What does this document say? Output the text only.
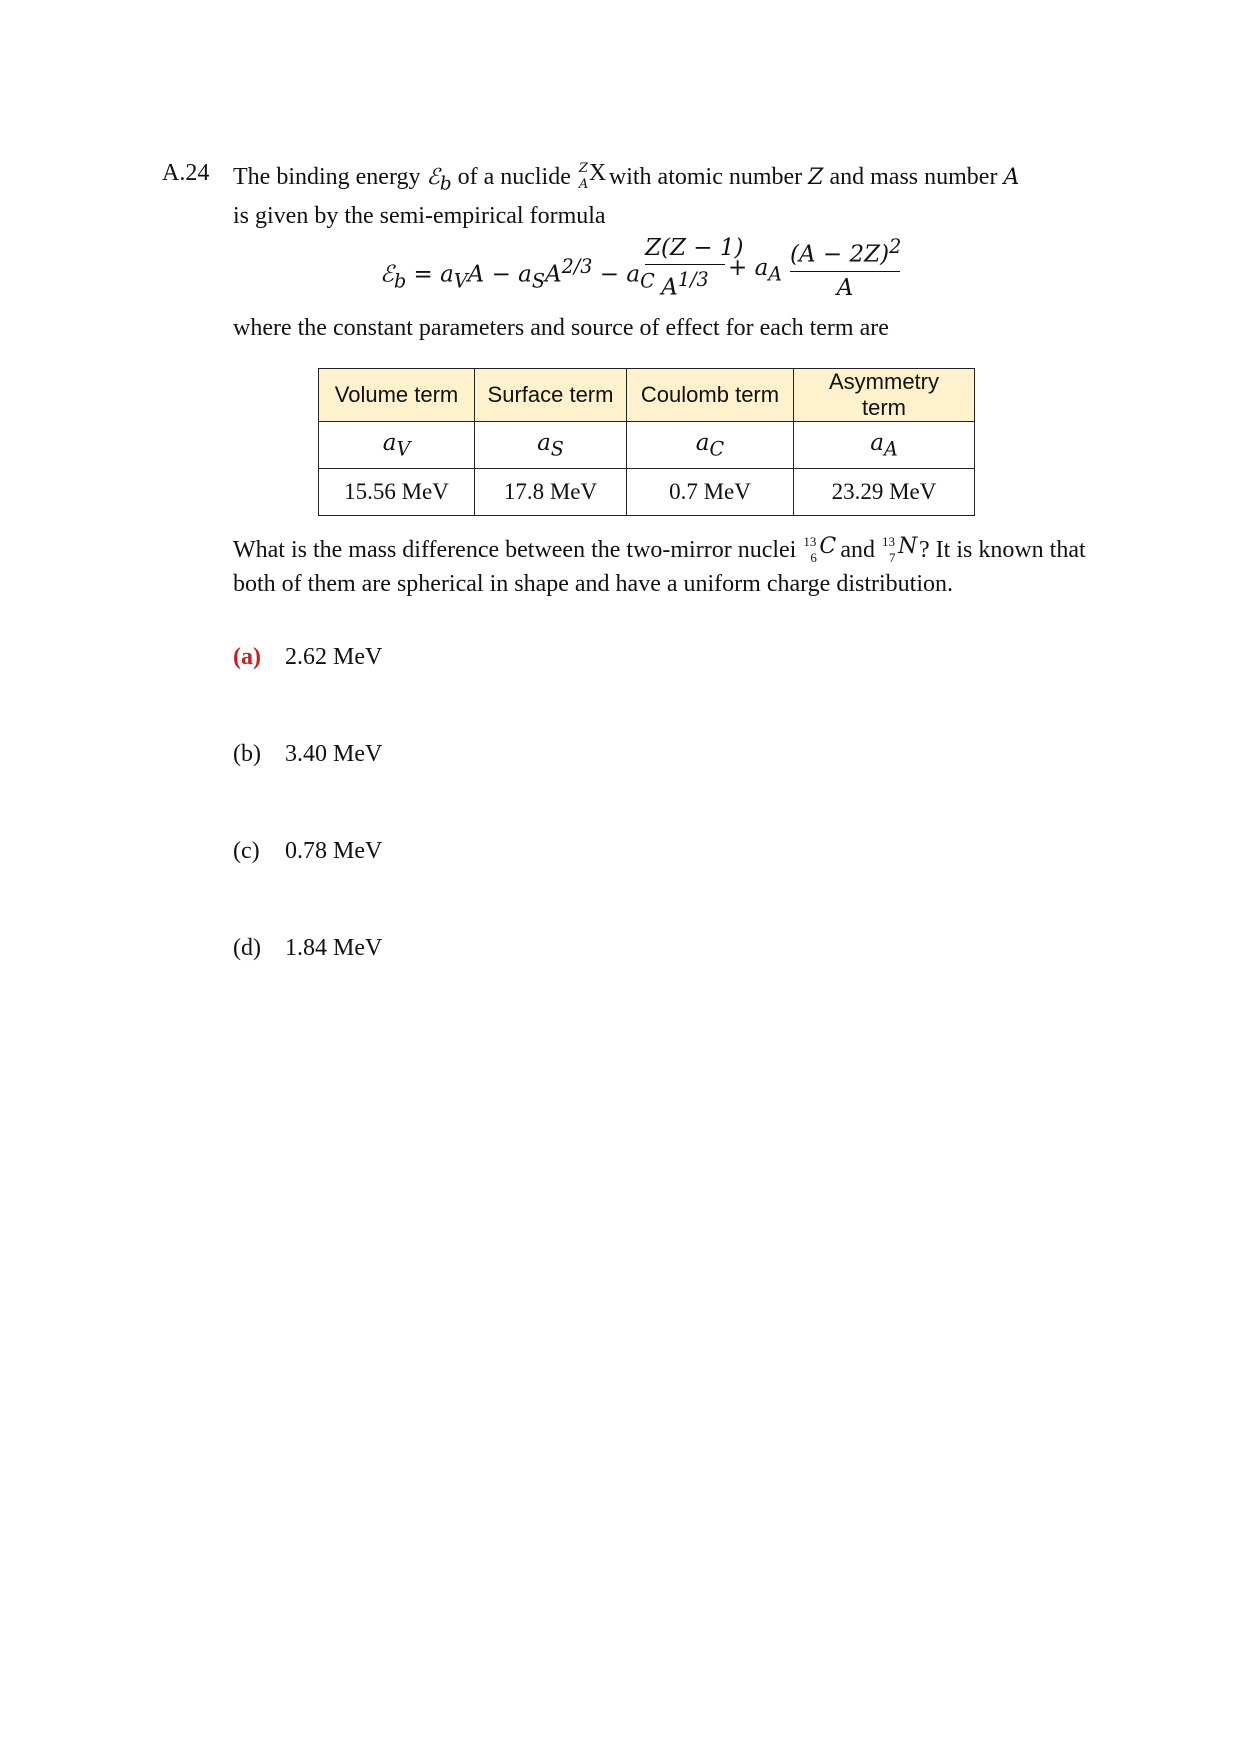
A.24 The binding energy ℰ$_b$ of a nuclide Z
A X with atomic number Z and mass number A
is given by the semi-empirical formula
ℰ$_b$ = $a_VA - a_SA^{2/3} - a_C$
Z(Z − 1)
$A^{1/3} + a_A$
$(A - 2Z)^2$
A
where the constant parameters and source of effect for each term are
Volume term	Surface term	Coulomb term	Asymmetry term
$a_V$	$a_S$	$a_C$	$a_A$
15.56 MeV	17.8 MeV	0.7 MeV	23.29 MeV
What is the mass difference between the two-mirror nuclei 13
6 C and 13
7 N ? It is known that both of them are spherical in shape and have a uniform charge distribution.
(a) 2.62 MeV
(b) 3.40 MeV
(c) 0.78 MeV
(d) 1.84 MeV
